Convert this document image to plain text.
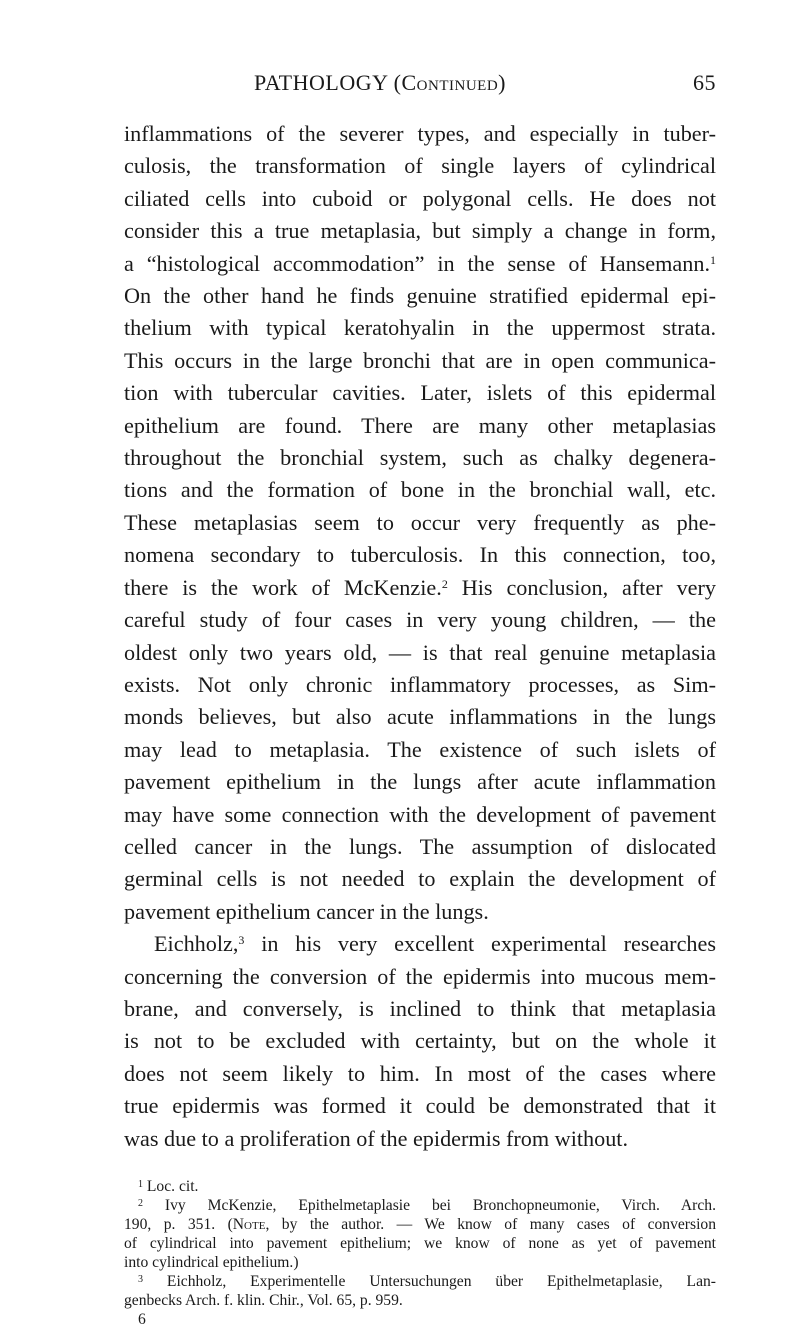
PATHOLOGY (Continued)	65
inflammations of the severer types, and especially in tuber-
culosis, the transformation of single layers of cylindrical
ciliated cells into cuboid or polygonal cells. He does not
consider this a true metaplasia, but simply a change in form,
a “histological accommodation” in the sense of Hansemann.$^1$
On the other hand he finds genuine stratified epidermal epi-
thelium with typical keratohyalin in the uppermost strata.
This occurs in the large bronchi that are in open communica-
tion with tubercular cavities. Later, islets of this epidermal
epithelium are found. There are many other metaplasias
throughout the bronchial system, such as chalky degenera-
tions and the formation of bone in the bronchial wall, etc.
These metaplasias seem to occur very frequently as phe-
nomena secondary to tuberculosis. In this connection, too,
there is the work of McKenzie.$^2$ His conclusion, after very
careful study of four cases in very young children, — the
oldest only two years old, — is that real genuine metaplasia
exists. Not only chronic inflammatory processes, as Sim-
monds believes, but also acute inflammations in the lungs
may lead to metaplasia. The existence of such islets of
pavement epithelium in the lungs after acute inflammation
may have some connection with the development of pavement
celled cancer in the lungs. The assumption of dislocated
germinal cells is not needed to explain the development of
pavement epithelium cancer in the lungs.
Eichholz,$^3$ in his very excellent experimental researches
concerning the conversion of the epidermis into mucous mem-
brane, and conversely, is inclined to think that metaplasia
is not to be excluded with certainty, but on the whole it
does not seem likely to him. In most of the cases where
true epidermis was formed it could be demonstrated that it
was due to a proliferation of the epidermis from without.
$^1$ Loc. cit.
$^2$ Ivy McKenzie, Epithelmetaplasie bei Bronchopneumonie, Virch. Arch.
190, p. 351. (Note, by the author. — We know of many cases of conversion
of cylindrical into pavement epithelium; we know of none as yet of pavement
into cylindrical epithelium.)
$^3$ Eichholz, Experimentelle Untersuchungen über Epithelmetaplasie, Lan-
genbecks Arch. f. klin. Chir., Vol. 65, p. 959.
6
